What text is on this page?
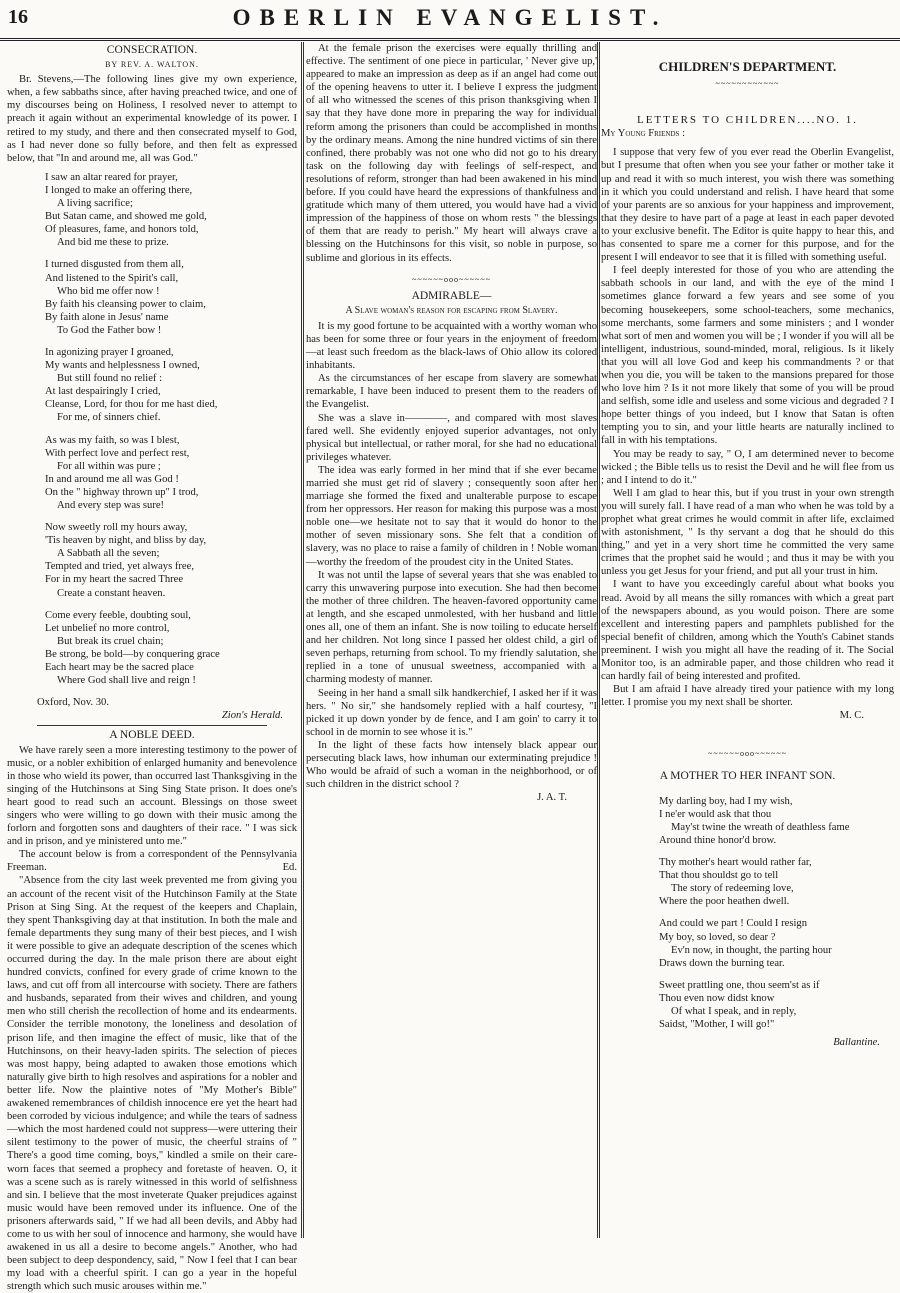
16	OBERLIN EVANGELIST.
CONSECRATION.
BY REV. A. WALTON.

Br. Stevens,—The following lines give my own experience, when, a few sabbaths since, after having preached twice, and one of my discourses being on Holiness, I resolved never to attempt to preach it again without an experimental knowledge of its power. I retired to my study, and there and then consecrated myself to God, as I had never done so fully before, and then felt as expressed below, that "In and around me, all was God."

I saw an altar reared for prayer,
I longed to make an offering there,
A living sacrifice;
But Satan came, and showed me gold,
Of pleasures, fame, and honors told,
And bid me these to prize.
I turned disgusted from them all,
And listened to the Spirit's call,
Who bid me offer now !
By faith his cleansing power to claim,
By faith alone in Jesus' name
To God the Father bow !
In agonizing prayer I groaned,
My wants and helplessness I owned,
But still found no relief :
At last despairingly I cried,
Cleanse, Lord, for thou for me hast died,
For me, of sinners chief.
As was my faith, so was I blest,
With perfect love and perfect rest,
For all within was pure ;
In and around me all was God !
On the " highway thrown up" I trod,
And every step was sure!
Now sweetly roll my hours away,
'Tis heaven by night, and bliss by day,
A Sabbath all the seven;
Tempted and tried, yet always free,
For in my heart the sacred Three
Create a constant heaven.
Come every feeble, doubting soul,
Let unbelief no more control,
But break its cruel chain;
Be strong, be bold—by conquering grace
Each heart may be the sacred place
Where God shall live and reign !

Oxford, Nov. 30.

Zion's Herald.

A NOBLE DEED.

We have rarely seen a more interesting testimony to the power of music, or a nobler exhibition of enlarged humanity and benevolence in those who wield its power, than occurred last Thanksgiving in the singing of the Hutchinsons at Sing Sing State prison. It does one's heart good to read such an account. Blessings on those sweet singers who were willing to go down with their music among the forlorn and forgotten sons and daughters of their race. " I was sick and in prison, and ye ministered unto me."

The account below is from a correspondent of the Pennsylvania Freeman.	Ed.

"Absence from the city last week prevented me from giving you an account of the recent visit of the Hutchinson Family at the State Prison at Sing Sing. At the request of the keepers and Chaplain, they spent Thanksgiving day at that institution. In both the male and female departments they sung many of their best pieces, and I wish it were possible to give an adequate description of the scenes which occurred during the day. In the male prison there are about eight hundred convicts, confined for every grade of crime known to the laws, and cut off from all intercourse with society. There are fathers and husbands, separated from their wives and children, and young men who still cherish the recollection of home and its endearments. Consider the terrible monotony, the loneliness and desolation of prison life, and then imagine the effect of music, like that of the Hutchinsons, on their heavy-laden spirits. The selection of pieces was most happy, being adapted to awaken those emotions which naturally give birth to high resolves and aspirations for a nobler and better life. Now the plaintive notes of "My Mother's Bible" awakened remembrances of childish innocence ere yet the heart had been corroded by vicious indulgence; and while the tears of sadness—which the most hardened could not suppress—were uttering their silent testimony to the power of music, the cheerful strains of " There's a good time coming, boys," kindled a smile on their care-worn faces that seemed a prophecy and foretaste of heaven. O, it was a scene such as is rarely witnessed in this world of selfishness and sin. I believe that the most inveterate Quaker prejudices against music would have been removed under its influence. One of the prisoners afterwards said, " If we had all been devils, and Abby had come to us with her soul of innocence and harmony, she would have awakened in us all a desire to become angels." Another, who had been subject to deep despondency, said, " Now I feel that I can bear my load with a cheerful spirit. I can go a year in the hopeful strength which such music arouses within me."

At the female prison the exercises were equally thrilling and effective. The sentiment of one piece in particular, ' Never give up,' appeared to make an impression as deep as if an angel had come out of the opening heavens to utter it. I believe I express the judgment of all who witnessed the scenes of this prison thanksgiving when I say that they have done more in preparing the way for individual reform among the prisoners than could be accomplished in months by the ordinary means. Among the nine hundred victims of sin there confined, there probably was not one who did not go to his dreary task on the following day with feelings of self-respect, and resolutions of reform, stronger than had been awakened in his mind before. If you could have heard the expressions of thankfulness and gratitude which many of them uttered, you would have had a vivid impression of the happiness of those on whom rests " the blessings of them that are ready to perish." My heart will always crave a blessing on the Hutchinsons for this visit, so noble in purpose, so sublime and glorious in its effects.

~~~~~~ooo~~~~~~
ADMIRABLE—
A Slave woman's reason for escaping from Slavery.

It is my good fortune to be acquainted with a worthy woman who has been for some three or four years in the enjoyment of freedom—at least such freedom as the black-laws of Ohio allow its colored inhabitants.

As the circumstances of her escape from slavery are somewhat remarkable, I have been induced to present them to the readers of the Evangelist.

She was a slave in————, and compared with most slaves fared well. She evidently enjoyed superior advantages, not only physical but intellectual, or rather moral, for she had no educational privileges whatever.

The idea was early formed in her mind that if she ever became married she must get rid of slavery ; consequently soon after her marriage she formed the fixed and unalterable purpose to escape from her oppressors. Her reason for making this purpose was a most noble one—we hesitate not to say that it would do honor to the mother of seven missionary sons. She felt that a condition of slavery, was no place to raise a family of children in ! Noble woman—worthy the freedom of the proudest city in the United States.

It was not until the lapse of several years that she was enabled to carry this unwavering purpose into execution. She had then become the mother of three children. The heaven-favored opportunity came at length, and she escaped unmolested, with her husband and little ones all, one of them an infant. She is now toiling to educate herself and her children. Not long since I passed her oldest child, a girl of seven perhaps, returning from school. To my friendly salutation, she replied in a tone of unusual sweetness, accompanied with a charming modesty of manner.

Seeing in her hand a small silk handkerchief, I asked her if it was hers. " No sir," she handsomely replied with a half courtesy, "I picked it up down yonder by de fence, and I am goin' to carry it to school in de mornin to see whose it is."

In the light of these facts how intensely black appear our persecuting black laws, how inhuman our exterminating prejudice ! Who would be afraid of such a woman in the neighborhood, or of such children in the district school ?

J. A. T.

CHILDREN'S DEPARTMENT.
~~~~~~~~~~~~
LETTERS TO CHILDREN....NO. 1.

My Young Friends :

I suppose that very few of you ever read the Oberlin Evangelist, but I presume that often when you see your father or mother take it up and read it with so much interest, you wish there was something in it which you could understand and relish. I have heard that some of your parents are so anxious for your happiness and improvement, that they desire to have part of a page at least in each paper devoted to your exclusive benefit. The Editor is quite happy to hear this, and has consented to spare me a corner for this purpose, and for the present I will endeavor to see that it is filled with something useful.

I feel deeply interested for those of you who are attending the sabbath schools in our land, and with the eye of the mind I sometimes glance forward a few years and see some of you becoming housekeepers, some school-teachers, some mechanics, some merchants, some farmers and some ministers ; and I wonder what sort of men and women you will be ; I wonder if you will all be intelligent, industrious, sound-minded, moral, religious. Is it likely that you will all love God and keep his commandments ? or that when you die, you will be taken to the mansions prepared for those who love him ? Is it not more likely that some of you will be proud and selfish, some idle and useless and some vicious and degraded ? I hope better things of you indeed, but I know that Satan is often tempting you to sin, and your little hearts are naturally inclined to fall in with his temptations.

You may be ready to say, " O, I am determined never to become wicked ; the Bible tells us to resist the Devil and he will flee from us ; and I intend to do it."

Well I am glad to hear this, but if you trust in your own strength you will surely fall. I have read of a man who when he was told by a prophet what great crimes he would commit in after life, exclaimed with astonishment, " Is thy servant a dog that he should do this thing," and yet in a very short time he committed the very same crimes that the prophet said he would ; and thus it may be with you unless you get Jesus for your friend, and put all your trust in him.

I want to have you exceedingly careful about what books you read. Avoid by all means the silly romances with which a great part of the newspapers abound, as you would poison. There are some excellent and interesting papers and pamphlets published for the special benefit of children, among which the Youth's Cabinet stands preeminent. I wish you might all have the reading of it. The Social Monitor too, is an admirable paper, and those children who read it can hardly fail of being interested and profited.

But I am afraid I have already tired your patience with my long letter. I promise you my next shall be shorter.

M. C.

~~~~~~ooo~~~~~~
A MOTHER TO HER INFANT SON.
My darling boy, had I my wish,
I ne'er would ask that thou
May'st twine the wreath of deathless fame
Around thine honor'd brow.
Thy mother's heart would rather far,
That thou shouldst go to tell
The story of redeeming love,
Where the poor heathen dwell.
And could we part ! Could I resign
My boy, so loved, so dear ?
Ev'n now, in thought, the parting hour
Draws down the burning tear.
Sweet prattling one, thou seem'st as if
Thou even now didst know
Of what I speak, and in reply,
Saidst, "Mother, I will go!"

Ballantine.
